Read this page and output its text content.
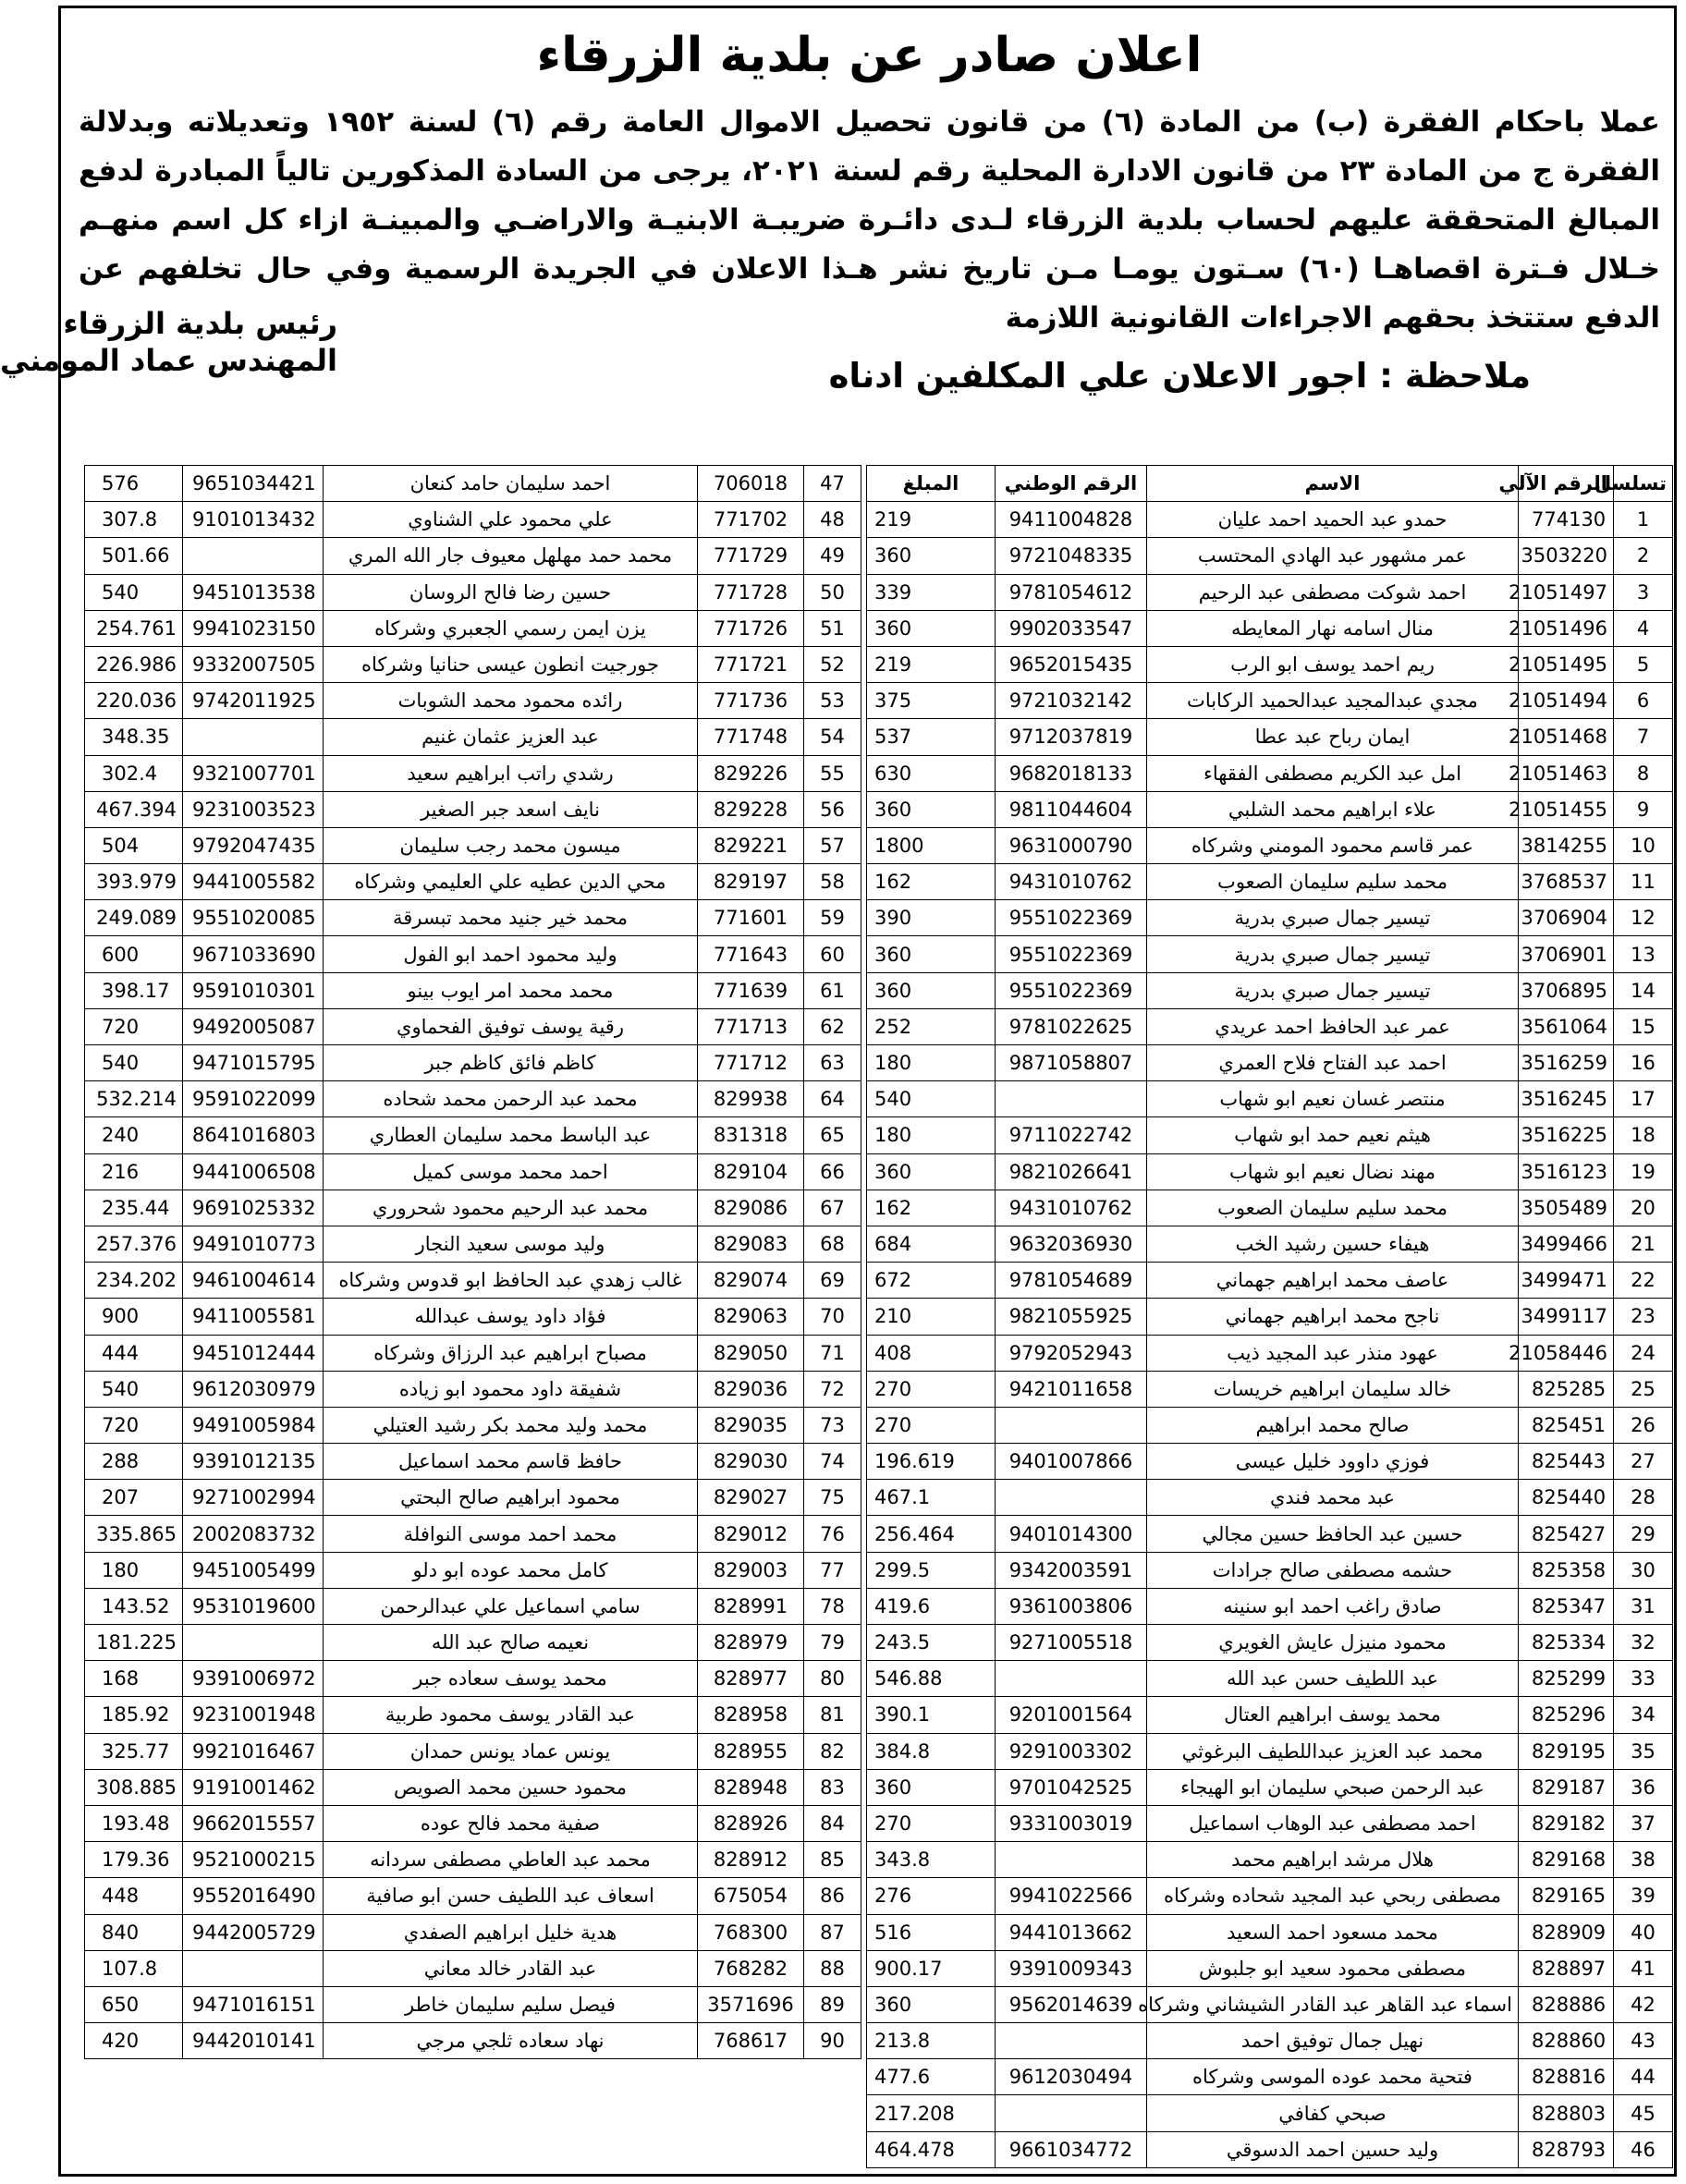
اعلان صادر عن بلدية الزرقاء

عملا باحكام الفقرة (ب) من المادة (٦) من قانون تحصيل الاموال العامة رقم (٦) لسنة ١٩٥٢ وتعديلاته وبدلالة الفقرة ج من المادة ٢٣ من قانون الادارة المحلية رقم لسنة ٢٠٢١، يرجى من السادة المذكورين تالياً المبادرة لدفع المبالغ المتحققة عليهم لحساب بلدية الزرقاء لـدى دائـرة ضريبـة الابنيـة والاراضـي والمبينـة ازاء كل اسم منهـم خـلال فـترة اقصاهـا (٦٠) سـتون يومـا مـن تاريخ نشر هـذا الاعلان في الجريدة الرسمية وفي حال تخلفهم عن الدفع ستتخذ بحقهم الاجراءات القانونية اللازمة

رئيس بلدية الزرقاء
المهندس عماد المومني	ملاحظة : اجور الاعلان علي المكلفين ادناه

تسلسل	الرقم الآلي	الاسم	الرقم الوطني	المبلغ
1	774130	حمدو عبد الحميد احمد عليان	9411004828	219
2	3503220	عمر مشهور عبد الهادي المحتسب	9721048335	360
3	21051497	احمد شوكت مصطفى عبد الرحيم	9781054612	339
4	21051496	منال اسامه نهار المعايطه	9902033547	360
5	21051495	ريم احمد يوسف ابو الرب	9652015435	219
6	21051494	مجدي عبدالمجيد عبدالحميد الركابات	9721032142	375
7	21051468	ايمان رباح عبد عطا	9712037819	537
8	21051463	امل عبد الكريم مصطفى الفقهاء	9682018133	630
9	21051455	علاء ابراهيم محمد الشلبي	9811044604	360
10	3814255	عمر قاسم محمود المومني وشركاه	9631000790	1800
11	3768537	محمد سليم سليمان الصعوب	9431010762	162
12	3706904	تيسير جمال صبري بدرية	9551022369	390
13	3706901	تيسير جمال صبري بدرية	9551022369	360
14	3706895	تيسير جمال صبري بدرية	9551022369	360
15	3561064	عمر عبد الحافظ احمد عريدي	9781022625	252
16	3516259	احمد عبد الفتاح فلاح العمري	9871058807	180
17	3516245	منتصر غسان نعيم ابو شهاب		540
18	3516225	هيثم نعيم حمد ابو شهاب	9711022742	180
19	3516123	مهند نضال نعيم ابو شهاب	9821026641	360
20	3505489	محمد سليم سليمان الصعوب	9431010762	162
21	3499466	هيفاء حسين رشيد الخب	9632036930	684
22	3499471	عاصف محمد ابراهيم جهماني	9781054689	672
23	3499117	ناجح محمد ابراهيم جهماني	9821055925	210
24	21058446	عهود منذر عبد المجيد ذيب	9792052943	408
25	825285	خالد سليمان ابراهيم خريسات	9421011658	270
26	825451	صالح محمد ابراهيم		270
27	825443	فوزي داوود خليل عيسى	9401007866	196.619
28	825440	عبد محمد فندي		467.1
29	825427	حسين عبد الحافظ حسين مجالي	9401014300	256.464
30	825358	حشمه مصطفى صالح جرادات	9342003591	299.5
31	825347	صادق راغب احمد ابو سنينه	9361003806	419.6
32	825334	محمود منيزل عايش الغويري	9271005518	243.5
33	825299	عبد اللطيف حسن عبد الله		546.88
34	825296	محمد يوسف ابراهيم العتال	9201001564	390.1
35	829195	محمد عبد العزيز عبداللطيف البرغوثي	9291003302	384.8
36	829187	عبد الرحمن صبحي سليمان ابو الهيجاء	9701042525	360
37	829182	احمد مصطفى عبد الوهاب اسماعيل	9331003019	270
38	829168	هلال مرشد ابراهيم محمد		343.8
39	829165	مصطفى ربحي عبد المجيد شحاده وشركاه	9941022566	276
40	828909	محمد مسعود احمد السعيد	9441013662	516
41	828897	مصطفى محمود سعيد ابو جلبوش	9391009343	900.17
42	828886	اسماء عبد القاهر عبد القادر الشيشاني وشركاه	9562014639	360
43	828860	نهيل جمال توفيق احمد		213.8
44	828816	فتحية محمد عوده الموسى وشركاه	9612030494	477.6
45	828803	صبحي كفافي		217.208
46	828793	وليد حسين احمد الدسوقي	9661034772	464.478
47	706018	احمد سليمان حامد كنعان	9651034421	576
48	771702	علي محمود علي الشناوي	9101013432	307.8
49	771729	محمد حمد مهلهل معيوف جار الله المري		501.66
50	771728	حسين رضا فالح الروسان	9451013538	540
51	771726	يزن ايمن رسمي الجعبري وشركاه	9941023150	254.761
52	771721	جورجيت انطون عيسى حنانيا وشركاه	9332007505	226.986
53	771736	رائده محمود محمد الشوبات	9742011925	220.036
54	771748	عبد العزيز عثمان غنيم		348.35
55	829226	رشدي راتب ابراهيم سعيد	9321007701	302.4
56	829228	نايف اسعد جبر الصغير	9231003523	467.394
57	829221	ميسون محمد رجب سليمان	9792047435	504
58	829197	محي الدين عطيه علي العليمي وشركاه	9441005582	393.979
59	771601	محمد خير جنيد محمد تبسرقة	9551020085	249.089
60	771643	وليد محمود احمد ابو الفول	9671033690	600
61	771639	محمد محمد امر ايوب بينو	9591010301	398.17
62	771713	رقية يوسف توفيق الفحماوي	9492005087	720
63	771712	كاظم فائق كاظم جبر	9471015795	540
64	829938	محمد عبد الرحمن محمد شحاده	9591022099	532.214
65	831318	عبد الباسط محمد سليمان العطاري	8641016803	240
66	829104	احمد محمد موسى كميل	9441006508	216
67	829086	محمد عبد الرحيم محمود شحروري	9691025332	235.44
68	829083	وليد موسى سعيد النجار	9491010773	257.376
69	829074	غالب زهدي عبد الحافظ ابو قدوس وشركاه	9461004614	234.202
70	829063	فؤاد داود يوسف عبدالله	9411005581	900
71	829050	مصباح ابراهيم عبد الرزاق وشركاه	9451012444	444
72	829036	شفيقة داود محمود ابو زياده	9612030979	540
73	829035	محمد وليد محمد بكر رشيد العتيلي	9491005984	720
74	829030	حافظ قاسم محمد اسماعيل	9391012135	288
75	829027	محمود ابراهيم صالح البحتي	9271002994	207
76	829012	محمد احمد موسى النوافلة	2002083732	335.865
77	829003	كامل محمد عوده ابو دلو	9451005499	180
78	828991	سامي اسماعيل علي عبدالرحمن	9531019600	143.52
79	828979	نعيمه صالح عبد الله		181.225
80	828977	محمد يوسف سعاده جبر	9391006972	168
81	828958	عبد القادر يوسف محمود طربية	9231001948	185.92
82	828955	يونس عماد يونس حمدان	9921016467	325.77
83	828948	محمود حسين محمد الصويص	9191001462	308.885
84	828926	صفية محمد فالح عوده	9662015557	193.48
85	828912	محمد عبد العاطي مصطفى سردانه	9521000215	179.36
86	675054	اسعاف عبد اللطيف حسن ابو صافية	9552016490	448
87	768300	هدية خليل ابراهيم الصفدي	9442005729	840
88	768282	عبد القادر خالد معاني		107.8
89	3571696	فيصل سليم سليمان خاطر	9471016151	650
90	768617	نهاد سعاده ثلجي مرجي	9442010141	420
